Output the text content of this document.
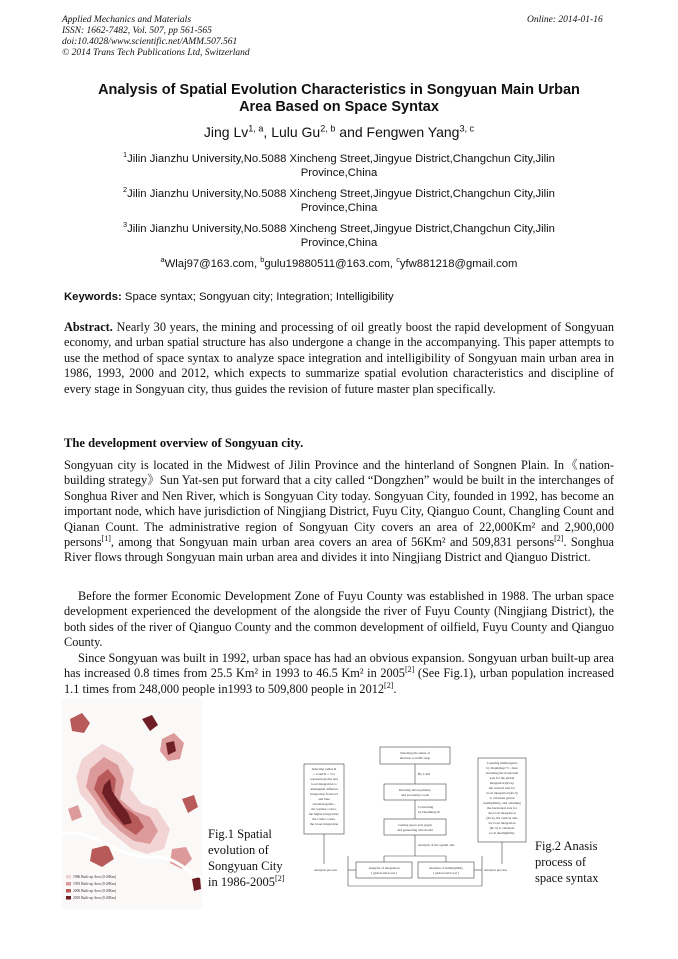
Applied Mechanics and Materials
ISSN: 1662-7482, Vol. 507, pp 561-565
doi:10.4028/www.scientific.net/AMM.507.561
© 2014 Trans Tech Publications Ltd, Switzerland
Online: 2014-01-16
Analysis of Spatial Evolution Characteristics in Songyuan Main Urban
Area Based on Space Syntax
Jing Lv$^{1, a}$, Lulu Gu$^{2, b}$ and Fengwen Yang$^{3, c}$
$^1$Jilin Jianzhu University,No.5088 Xincheng Street,Jingyue District,Changchun City,Jilin
Province,China
$^2$Jilin Jianzhu University,No.5088 Xincheng Street,Jingyue District,Changchun City,Jilin
Province,China
$^3$Jilin Jianzhu University,No.5088 Xincheng Street,Jingyue District,Changchun City,Jilin
Province,China
$^a$Wlaj97@163.com, $^b$gulu19880511@163.com, $^c$yfw881218@gmail.com
Keywords: Space syntax; Songyuan city; Integration; Intelligibility
Abstract. Nearly 30 years, the mining and processing of oil greatly boost the rapid development of Songyuan economy, and urban spatial structure has also undergone a change in the accompanying. This paper attempts to use the method of space syntax to analyze space integration and intelligibility of Songyuan main urban area in 1986, 1993, 2000 and 2012, which expects to summarize spatial evolution characteristics and discipline of every stage in Songyuan city, thus guides the revision of future master plan specifically.
The development overview of Songyuan city.

Songyuan city is located in the Midwest of Jilin Province and the hinterland of Songnen Plain. In《nation-building strategy》Sun Yat-sen put forward that a city called “Dongzhen” would be built in the interchanges of Songhua River and Nen River, which is Songyuan City today. Songyuan City, founded in 1992, has become an important node, which have jurisdiction of Ningjiang District, Fuyu City, Qianguo Count, Changling Count and Qianan Count. The administrative region of Songyuan City covers an area of 22,000Km² and 2,900,000 persons[1], among that Songyuan main urban area covers an area of 56Km² and 509,831 persons[2]. Songhua River flows through Songyuan main urban area and divides it into Ningjiang District and Qianguo District.

Before the former Economic Development Zone of Fuyu County was established in 1988. The urban space development experienced the development of the alongside the river of Fuyu County (Ningjiang District), the both sides of the river of Qianguo County and the common development of oilfield, Fuyu County and Qianguo County.

Since Songyuan was built in 1992, urban space has had an obvious expansion. Songyuan urban built-up area has increased 0.8 times from 25.5 Km² in 1993 to 46.5 Km² in 2005[2] (See Fig.1), urban population increased 1.1 times from 248,000 people in1993 to 509,800 people in 2012[2].

1986 Built-up Area (0-20Km)
1993 Built-up Area (0-20Km)
2000 Built-up Area (0-20Km)
2005 Built-up Area (0-20Km)
Fig.1 Spatial
evolution of
Songyuan City
in 1986-2005[2]
Selecting the status of
land use to traffic map
By CAD
Drawing urban primary
and secondary roads
Converting
by Depthmap10
Getting space axis graph
and generating axis model
Analysis of the spatial axis
Analysis of integration
( global and local )
Analysis of intelligibility
( global and local )
Analysis process	Analysis process
Selecting radius R
= n and R = 3 to
represent global and
local integration to
distinguish different
integration from red
and blue
chromatograms ;
the warmer colors,
the higher integration;
the colder colors,
the lower integration
Counting multiregions
by Depthmap7.5 , then
obtaining the horizontal
axis for the global
integration (R=n),
the vertical axis for
local integration (R=3)
to calculate global
intelligibility, and obtaining
the horizontal axis for
the local integration
(R=n), the vertical axis
for local integration
(R=3) to calculate
local intelligibility
Fig.2 Anasis
process of
space syntax
